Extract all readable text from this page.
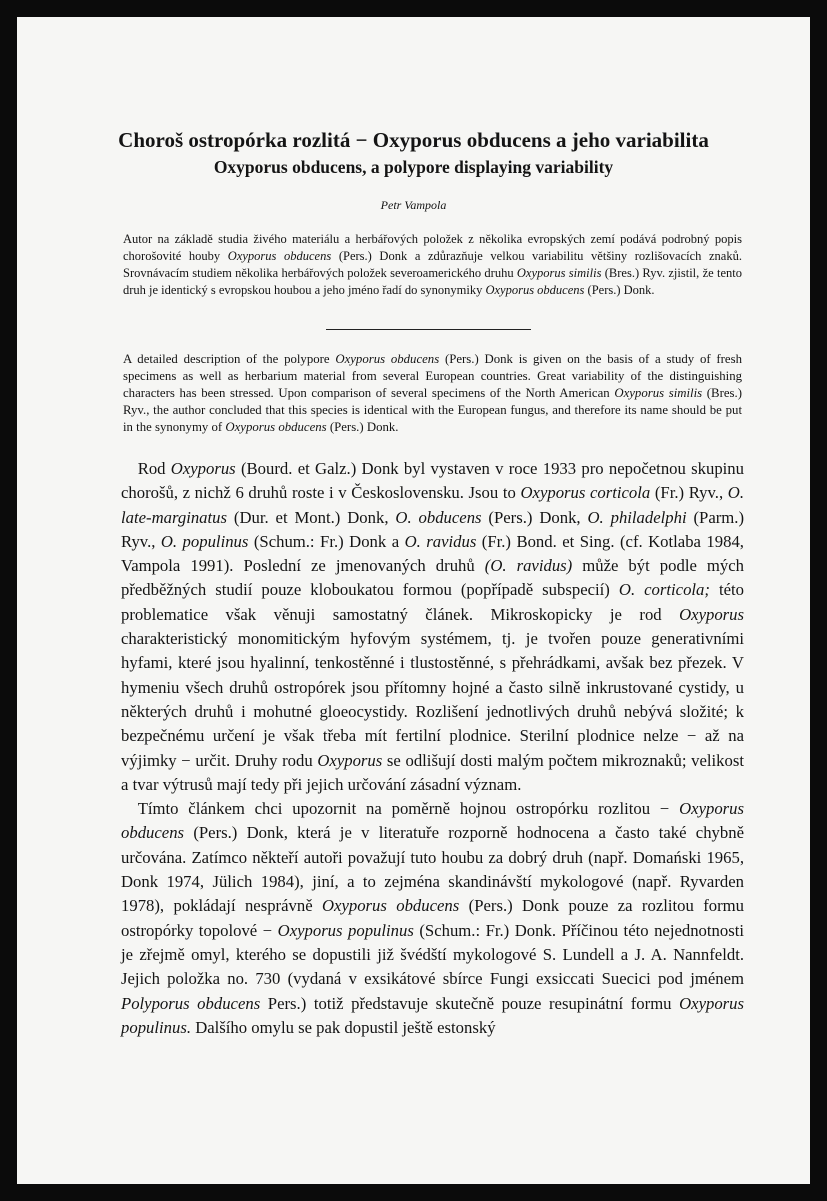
Choroš ostropórka rozlitá − Oxyporus obducens a jeho variabilita
Oxyporus obducens, a polypore displaying variability
Petr Vampola

Autor na základě studia živého materiálu a herbářových položek z několika evropských zemí podává podrobný popis chorošovité houby Oxyporus obducens (Pers.) Donk a zdůrazňuje velkou variabilitu většiny rozlišovacích znaků. Srovnávacím studiem několika herbářových položek severoamerického druhu Oxyporus similis (Bres.) Ryv. zjistil, že tento druh je identický s evropskou houbou a jeho jméno řadí do synonymiky Oxyporus obducens (Pers.) Donk.

A detailed description of the polypore Oxyporus obducens (Pers.) Donk is given on the basis of a study of fresh specimens as well as herbarium material from several European countries. Great variability of the distinguishing characters has been stressed. Upon comparison of several specimens of the North American Oxyporus similis (Bres.) Ryv., the author concluded that this species is identical with the European fungus, and therefore its name should be put in the synonymy of Oxyporus obducens (Pers.) Donk.

 Rod Oxyporus (Bourd. et Galz.) Donk byl vystaven v roce 1933 pro nepočetnou skupinu chorošů, z nichž 6 druhů roste i v Československu. Jsou to Oxyporus corticola (Fr.) Ryv., O. late-marginatus (Dur. et Mont.) Donk, O. obducens (Pers.) Donk, O. philadelphi (Parm.) Ryv., O. populinus (Schum.: Fr.) Donk a O. ravidus (Fr.) Bond. et Sing. (cf. Kotlaba 1984, Vampola 1991). Poslední ze jmenovaných druhů (O. ravidus) může být podle mých předběžných studií pouze kloboukatou formou (popřípadě subspecií) O. corticola; této problematice však věnuji samostatný článek. Mikroskopicky je rod Oxyporus charakteristický monomitickým hyfovým systémem, tj. je tvořen pouze generativními hyfami, které jsou hyalinní, tenkostěnné i tlustostěnné, s přehrádkami, avšak bez přezek. V hymeniu všech druhů ostropórek jsou přítomny hojné a často silně inkrustované cystidy, u některých druhů i mohutné gloeocystidy. Rozlišení jednotlivých druhů nebývá složité; k bezpečnému určení je však třeba mít fertilní plodnice. Sterilní plodnice nelze − až na výjimky − určit. Druhy rodu Oxyporus se odlišují dosti malým počtem mikroznaků; velikost a tvar výtrusů mají tedy při jejich určování zásadní význam.

 Tímto článkem chci upozornit na poměrně hojnou ostropórku rozlitou − Oxyporus obducens (Pers.) Donk, která je v literatuře rozporně hodnocena a často také chybně určována. Zatímco někteří autoři považují tuto houbu za dobrý druh (např. Domański 1965, Donk 1974, Jülich 1984), jiní, a to zejména skandinávští mykologové (např. Ryvarden 1978), pokládají nesprávně Oxyporus obducens (Pers.) Donk pouze za rozlitou formu ostropórky topolové − Oxyporus populinus (Schum.: Fr.) Donk. Příčinou této nejednotnosti je zřejmě omyl, kterého se dopustili již švédští mykologové S. Lundell a J. A. Nannfeldt. Jejich položka no. 730 (vydaná v exsikátové sbírce Fungi exsiccati Suecici pod jménem Polyporus obducens Pers.) totiž představuje skutečně pouze resupinátní formu Oxyporus populinus. Dalšího omylu se pak dopustil ještě estonský
